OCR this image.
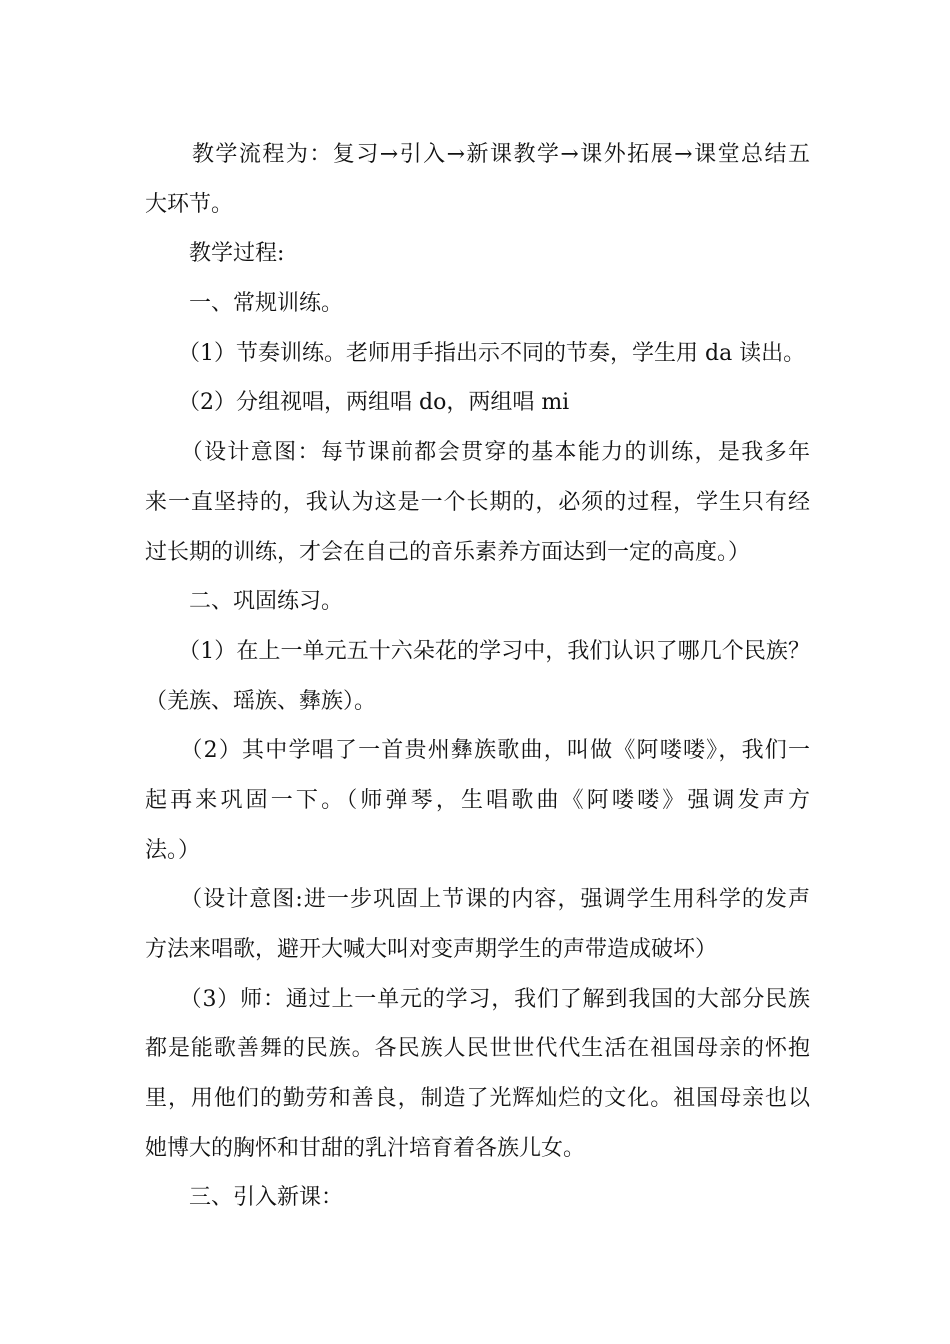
　　教学流程为：复习→引入→新课教学→课外拓展→课堂总结五
大环节。
　　教学过程:
　　一、常规训练。
　　（1）节奏训练。老师用手指出示不同的节奏，学生用 da 读出。
　　（2）分组视唱，两组唱 do，两组唱 mi
　　（设计意图：每节课前都会贯穿的基本能力的训练，是我多年
来一直坚持的，我认为这是一个长期的，必须的过程，学生只有经
过长期的训练，才会在自己的音乐素养方面达到一定的高度。）
　　二、巩固练习。
　　（1）在上一单元五十六朵花的学习中，我们认识了哪几个民族？
（羌族、瑶族、彝族）。
　　（2）其中学唱了一首贵州彝族歌曲，叫做《阿喽喽》，我们一
起再来巩固一下。（师弹琴，生唱歌曲《阿喽喽》强调发声方
法。）
　　（设计意图:进一步巩固上节课的内容，强调学生用科学的发声
方法来唱歌，避开大喊大叫对变声期学生的声带造成破坏）
　　（3）师：通过上一单元的学习，我们了解到我国的大部分民族
都是能歌善舞的民族。各民族人民世世代代生活在祖国母亲的怀抱
里，用他们的勤劳和善良，制造了光辉灿烂的文化。祖国母亲也以
她博大的胸怀和甘甜的乳汁培育着各族儿女。
　　三、引入新课：
